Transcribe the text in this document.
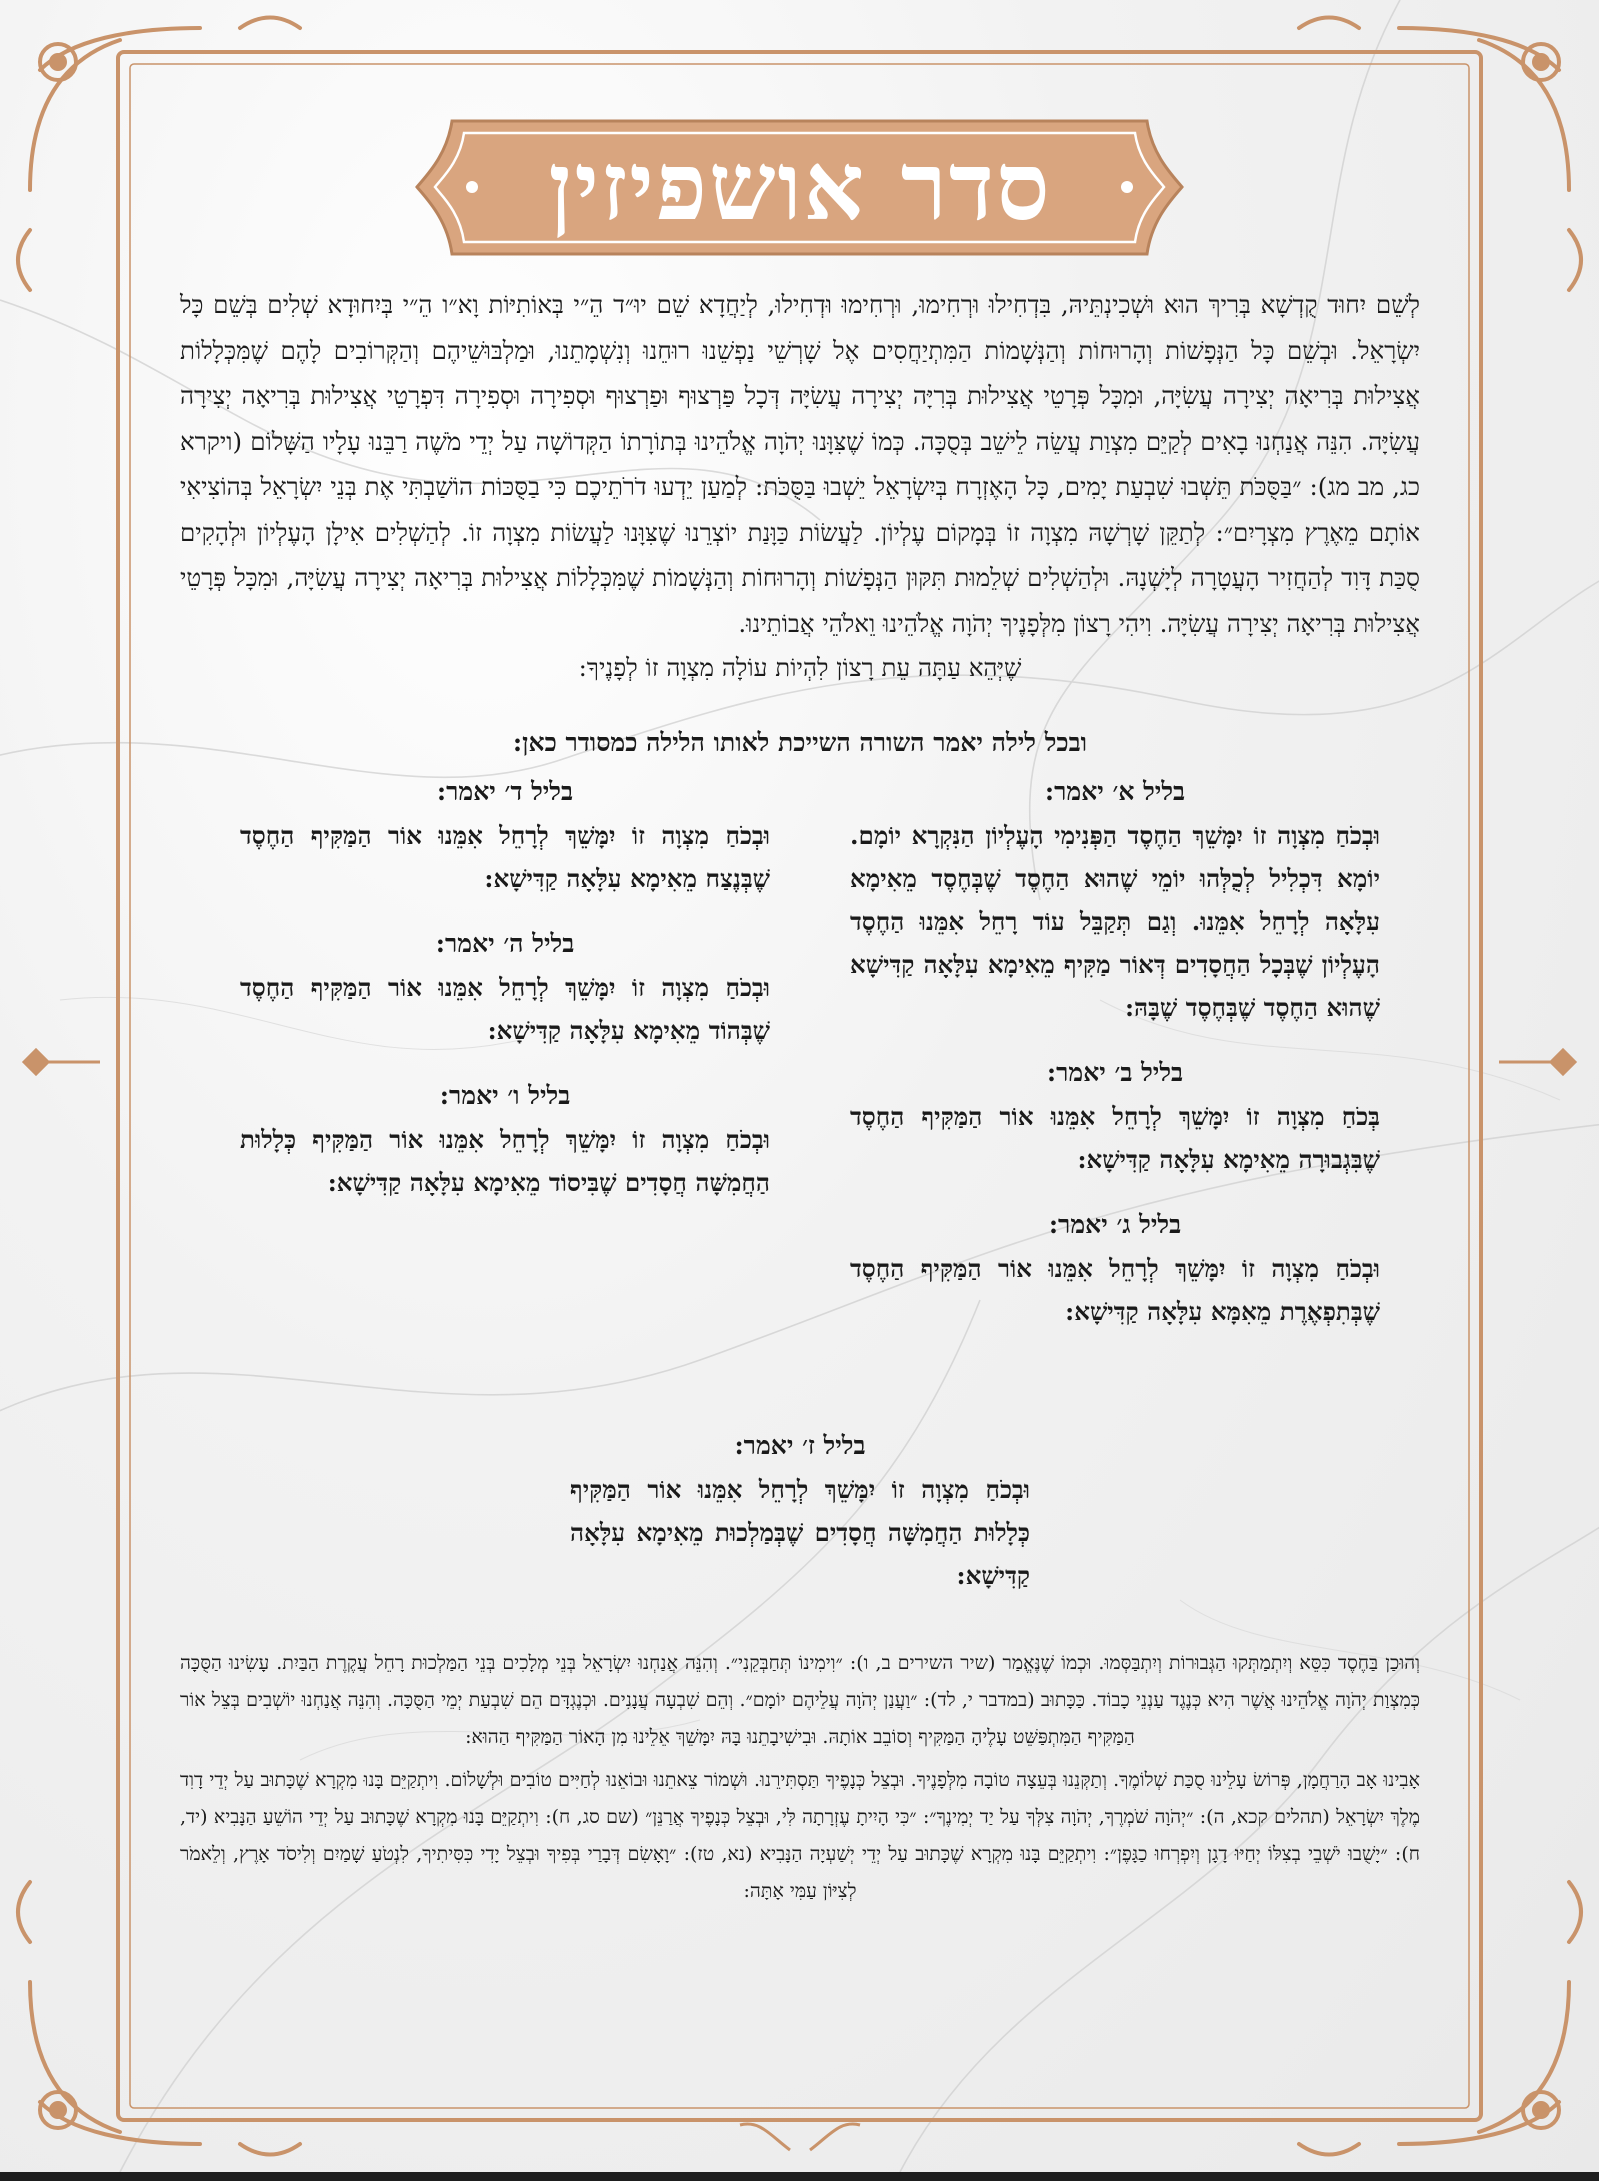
סדר אושפיזין

לְשֵׁם יִחוּד קֻדְשָׁא בְּרִיךְ הוּא וּשְׁכִינְתֵּיהּ, בִּדְחִילוּ וּרְחִימוּ, וּרְחִימוּ וּדְחִילוּ, לְיַחֲדָא שֵׁם יוּ״ד הֵ״י בְּאוֹתִיּוֹת וָא״ו הֵ״י בְּיִחוּדָא שְׁלִים בְּשֵׁם כָּל יִשְׂרָאֵל. וּבְשֵׁם כָּל הַנְּפָשׁוֹת וְהָרוּחוֹת וְהַנְּשָׁמוֹת הַמִּתְיַחֲסִים אֶל שָׁרְשֵׁי נַפְשֵׁנוּ רוּחֵנוּ וְנִשְׁמָתֵנוּ, וּמַלְבּוּשֵׁיהֶם וְהַקְּרוֹבִים לָהֶם שֶׁמִּכְּלָלוֹת אֲצִילוּת בְּרִיאָה יְצִירָה עֲשִׂיָּה, וּמִכָּל פְּרָטֵי אֲצִילוּת בְּרִיָּה יְצִירָה עֲשִׂיָּה דְּכָל פַּרְצוּף וּפַרְצוּף וּסְפִירָה וּסְפִירָה דִּפְרָטֵי אֲצִילוּת בְּרִיאָה יְצִירָה עֲשִׂיָּה. הִנֵּה אֲנַחְנוּ בָאִים לְקַיֵּם מִצְוַת עֲשֵׂה לֵישֵׁב בְּסֻכָּה. כְּמוֹ שֶׁצִּוָּנוּ יְהֹוָה אֱלֹהֵינוּ בְּתוֹרָתוֹ הַקְּדוֹשָׁה עַל יְדֵי מֹשֶׁה רַבֵּנוּ עָלָיו הַשָּׁלוֹם (ויקרא כג, מב מג): ״בַּסֻּכֹּת תֵּשְׁבוּ שִׁבְעַת יָמִים, כָּל הָאֶזְרָח בְּיִשְׂרָאֵל יֵשְׁבוּ בַּסֻּכֹּת: לְמַעַן יֵדְעוּ דֹרֹתֵיכֶם כִּי בַסֻּכּוֹת הוֹשַׁבְתִּי אֶת בְּנֵי יִשְׂרָאֵל בְּהוֹצִיאִי אוֹתָם מֵאֶרֶץ מִצְרָיִם״: לְתַקֵּן שָׁרְשָׁהּ מִצְוָה זוֹ בְּמָקוֹם עֶלְיוֹן. לַעֲשׂוֹת כַּוָּנַת יוֹצְרֵנוּ שֶׁצִּוָּנוּ לַעֲשׂוֹת מִצְוָה זוֹ. לְהַשְׁלִים אִילָן הָעֶלְיוֹן וּלְהָקִים סֻכַּת דָּוִד לְהַחֲזִיר הָעֲטָרָה לְיָשְׁנָהּ. וּלְהַשְׁלִים שְׁלֵמוּת תִּקּוּן הַנְּפָשׁוֹת וְהָרוּחוֹת וְהַנְּשָׁמוֹת שֶׁמִּכְּלָלוֹת אֲצִילוּת בְּרִיאָה יְצִירָה עֲשִׂיָּה, וּמִכָּל פְּרָטֵי אֲצִילוּת בְּרִיאָה יְצִירָה עֲשִׂיָּה. וִיהִי רָצוֹן מִלְּפָנֶיךָ יְהֹוָה אֱלֹהֵינוּ וֵאלֹהֵי אֲבוֹתֵינוּ.

שֶׁיְּהֵא עַתָּה עֵת רָצוֹן לִהְיוֹת עוֹלָה מִצְוָה זוֹ לְפָנֶיךָ:

ובכל לילה יאמר השורה השייכת לאותו הלילה כמסודר כאן:

בליל א׳ יאמר:

וּבְכֹחַ מִצְוָה זוֹ יִמָּשֵׁךְ הַחֶסֶד הַפְּנִימִי הָעֶלְיוֹן הַנִּקְרָא יוֹמָם. יוֹמָא דִּכְלִיל לְכֻלְּהוּ יוֹמֵי שֶׁהוּא הַחֶסֶד שֶׁבְּחֶסֶד מֵאִימָא עִלָּאָה לְרָחֵל אִמֵּנוּ. וְגַם תְּקַבֵּל עוֹד רָחֵל אִמֵּנוּ הַחֶסֶד הָעֶלְיוֹן שֶׁבְּכָל הַחֲסָדִים דְּאוֹר מַקִּיף מֵאִימָא עִלָּאָה קַדִּישָׁא שֶׁהוּא הַחֶסֶד שֶׁבְּחֶסֶד שֶׁבָּהּ:

בליל ב׳ יאמר:

בְּכֹחַ מִצְוָה זוֹ יִמָּשֵׁךְ לְרָחֵל אִמֵּנוּ אוֹר הַמַּקִּיף הַחֶסֶד שֶׁבִּגְבוּרָה מֵאִימָא עִלָּאָה קַדִּישָׁא:

בליל ג׳ יאמר:

וּבְכֹחַ מִצְוָה זוֹ יִמָּשֵׁךְ לְרָחֵל אִמֵּנוּ אוֹר הַמַּקִּיף הַחֶסֶד שֶׁבְּתִפְאֶרֶת מֵאִמָּא עִלָּאָה קַדִּישָׁא:

בליל ד׳ יאמר:

וּבְכֹחַ מִצְוָה זוֹ יִמָּשֵׁךְ לְרָחֵל אִמֵּנוּ אוֹר הַמַּקִּיף הַחֶסֶד שֶׁבְּנֶצַח מֵאִימָא עִלָּאָה קַדִּישָׁא:

בליל ה׳ יאמר:

וּבְכֹחַ מִצְוָה זוֹ יִמָּשֵׁךְ לְרָחֵל אִמֵּנוּ אוֹר הַמַּקִּיף הַחֶסֶד שֶׁבְּהוֹד מֵאִימָא עִלָּאָה קַדִּישָׁא:

בליל ו׳ יאמר:

וּבְכֹחַ מִצְוָה זוֹ יִמָּשֵׁךְ לְרָחֵל אִמֵּנוּ אוֹר הַמַּקִּיף כְּלָלוּת הַחֲמִשָּׁה חֲסָדִים שֶׁבִּיסוֹד מֵאִימָא עִלָּאָה קַדִּישָׁא:

בליל ז׳ יאמר:

וּבְכֹחַ מִצְוָה זוֹ יִמָּשֵׁךְ לְרָחֵל אִמֵּנוּ אוֹר הַמַּקִּיף כְּלָלוּת הַחֲמִשָּׁה חֲסָדִים שֶׁבְּמַלְכוּת מֵאִימָא עִלָּאָה קַדִּישָׁא:

וְהוּכַן בַּחֶסֶד כִּסֵּא וְיִתְמַתְּקוּ הַגְּבוּרוֹת וְיִתְבַּסְּמוּ. וּכְמוֹ שֶׁנֶּאֱמַר (שיר השירים ב, ו): ״וִימִינוֹ תְּחַבְּקֵנִי״. וְהִנֵּה אֲנַחְנוּ יִשְׂרָאֵל בְּנֵי מְלָכִים בְּנֵי הַמַּלְכוּת רָחֵל עֲקֶרֶת הַבַּיִת. עָשִׂינוּ הַסֻּכָּה כְּמִצְוַת יְהֹוָה אֱלֹהֵינוּ אֲשֶׁר הִיא כְּנֶגֶד עַנְנֵי כָבוֹד. כַּכָּתוּב (במדבר י, לד): ״וַעֲנַן יְהֹוָה עֲלֵיהֶם יוֹמָם״. וְהֵם שִׁבְעָה עֲנָנִים. וּכְנֶגְדָּם הֵם שִׁבְעַת יְמֵי הַסֻּכָּה. וְהִנֵּה אֲנַחְנוּ יוֹשְׁבִים בְּצֵל אוֹר הַמַּקִּיף הַמִּתְפַּשֵּׁט עָלֶיהָ הַמַּקִּיף וְסוֹבֵב אוֹתָהּ. וּבִישִׁיבָתֵנוּ בָּהּ יִמָּשֵׁךְ אֵלֵינוּ מִן הָאוֹר הַמַּקִּיף הַהוּא:

אָבִינוּ אָב הָרַחֲמָן, פְּרוֹשׂ עָלֵינוּ סֻכַּת שְׁלוֹמֶךָ. וְתַקְּנֵנוּ בְּעֵצָה טוֹבָה מִלְּפָנֶיךָ. וּבְצֵל כְּנָפֶיךָ תַּסְתִּירֵנוּ. וּשְׁמוֹר צֵאתֵנוּ וּבוֹאֵנוּ לְחַיִּים טוֹבִים וּלְשָׁלוֹם. וִיתְקַיֵּם בָּנוּ מִקְרָא שֶׁכָּתוּב עַל יְדֵי דָוִד מֶלֶךְ יִשְׂרָאֵל (תהלים קכא, ה): ״יְהֹוָה שֹׁמְרֶךָ, יְהֹוָה צִלְּךָ עַל יַד יְמִינֶךָ״: ״כִּי הָיִיתָ עֶזְרָתָה לִּי, וּבְצֵל כְּנָפֶיךָ אֲרַנֵּן״ (שם סג, ח): וִיתְקַיֵּם בָּנוּ מִקְרָא שֶׁכָּתוּב עַל יְדֵי הוֹשֵׁעַ הַנָּבִיא (יד, ח): ״יָשֻׁבוּ יֹשְׁבֵי בְצִלּוֹ יְחַיּוּ דָגָן וְיִפְרְחוּ כַגָּפֶן״: וִיתְקַיֵּם בָּנוּ מִקְרָא שֶׁכָּתוּב עַל יְדֵי יְשַׁעְיָה הַנָּבִיא (נא, טז): ״וָאָשִׂם דְּבָרַי בְּפִיךָ וּבְצֵל יָדִי כִּסִּיתִיךָ, לִנְטֹעַ שָׁמַיִם וְלִיסֹד אָרֶץ, וְלֵאמֹר לְצִיּוֹן עַמִּי אָתָּה:
